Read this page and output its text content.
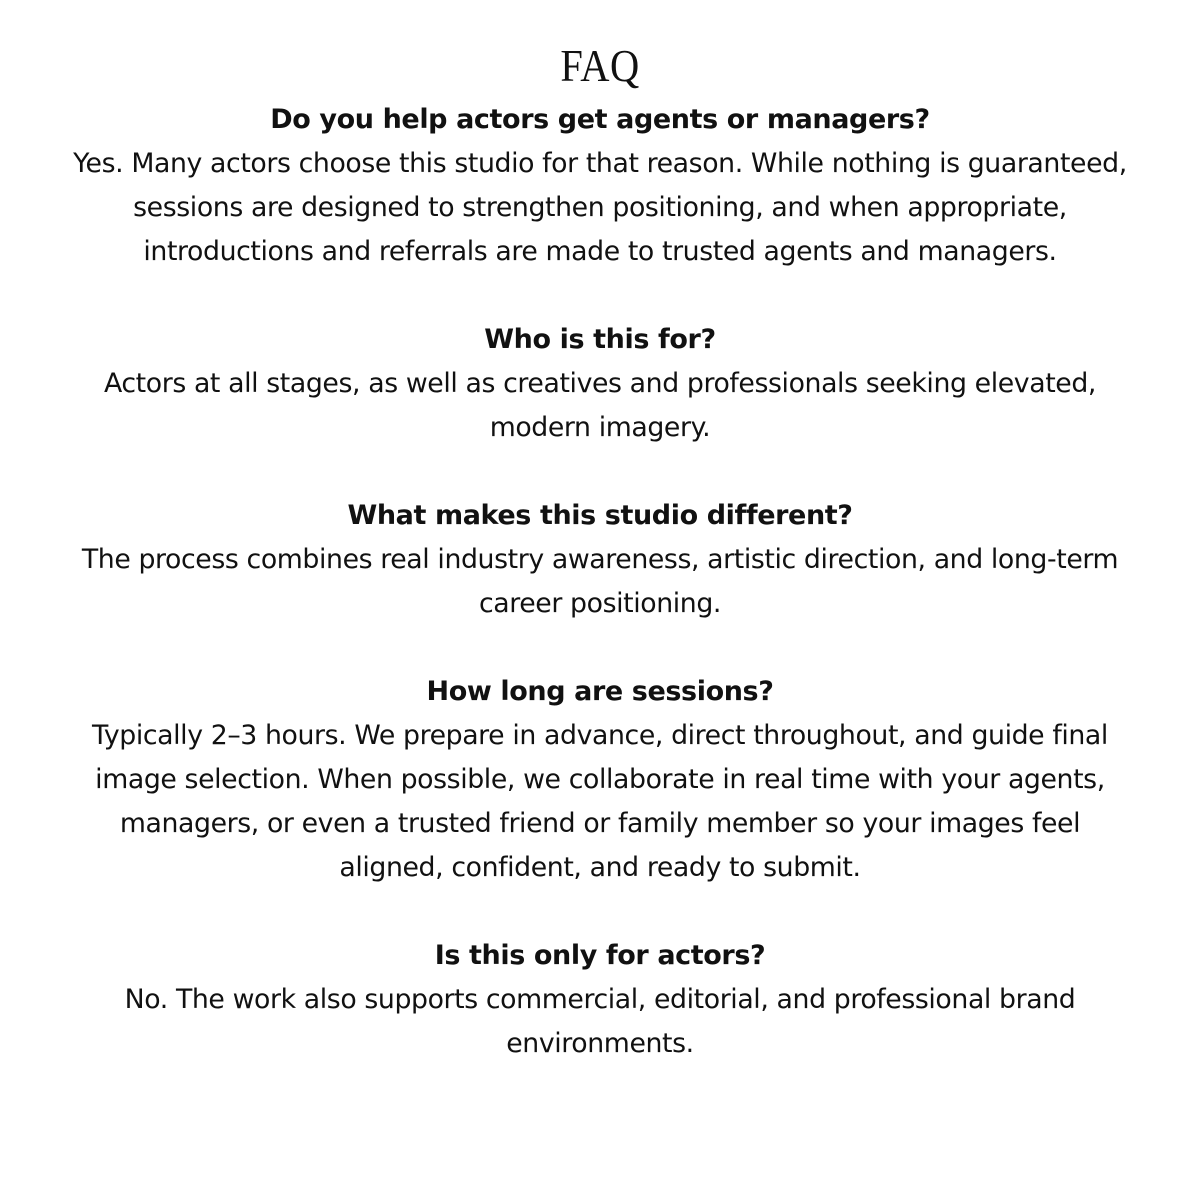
FAQ
Do you help actors get agents or managers?

Yes. Many actors choose this studio for that reason. While nothing is guaranteed, sessions are designed to strengthen positioning, and when appropriate, introductions and referrals are made to trusted agents and managers.

Who is this for?

Actors at all stages, as well as creatives and professionals seeking elevated, modern imagery.

What makes this studio different?

The process combines real industry awareness, artistic direction, and long-term career positioning.

How long are sessions?

Typically 2–3 hours. We prepare in advance, direct throughout, and guide final image selection. When possible, we collaborate in real time with your agents, managers, or even a trusted friend or family member so your images feel aligned, confident, and ready to submit.

Is this only for actors?

No. The work also supports commercial, editorial, and professional brand environments.
